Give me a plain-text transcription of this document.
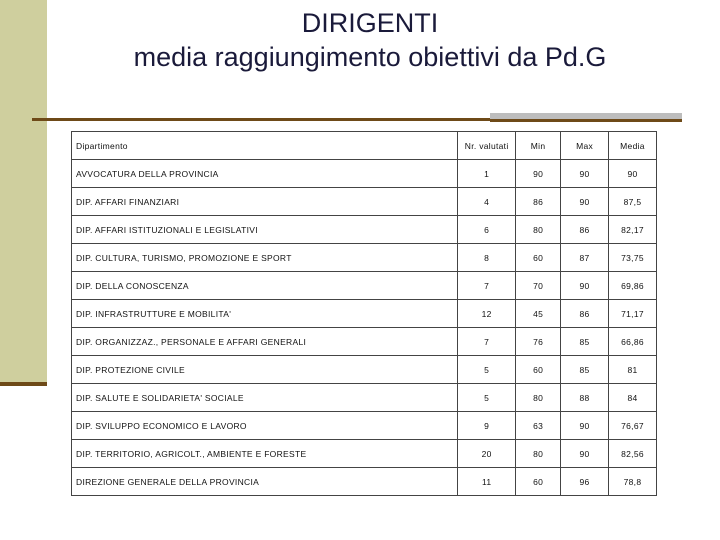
DIRIGENTI
media raggiungimento obiettivi da Pd.G
Dipartimento	Nr. valutati	Min	Max	Media
AVVOCATURA DELLA PROVINCIA	1	90	90	90
DIP. AFFARI FINANZIARI	4	86	90	87,5
DIP. AFFARI ISTITUZIONALI E LEGISLATIVI	6	80	86	82,17
DIP. CULTURA, TURISMO, PROMOZIONE E SPORT	8	60	87	73,75
DIP. DELLA CONOSCENZA	7	70	90	69,86
DIP. INFRASTRUTTURE E MOBILITA'	12	45	86	71,17
DIP. ORGANIZZAZ., PERSONALE E AFFARI GENERALI	7	76	85	66,86
DIP. PROTEZIONE CIVILE	5	60	85	81
DIP. SALUTE E SOLIDARIETA' SOCIALE	5	80	88	84
DIP. SVILUPPO ECONOMICO E LAVORO	9	63	90	76,67
DIP. TERRITORIO, AGRICOLT., AMBIENTE E FORESTE	20	80	90	82,56
DIREZIONE GENERALE DELLA PROVINCIA	11	60	96	78,8
